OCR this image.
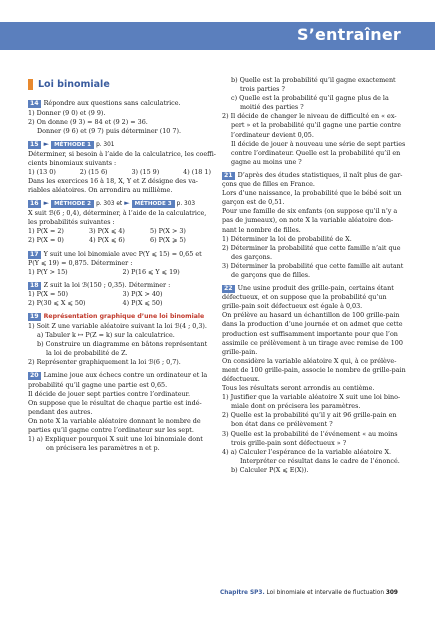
S’entraîner
Loi binomiale
14 Répondre aux questions sans calculatrice.
1) Donner (9 0) et (9 9).
2) On donne (9 3) = 84 et (9 2) = 36.
Donner (9 6) et (9 7) puis déterminer (10 7).
15 ► MÉTHODE 1 p. 301
Déterminer, si besoin à l’aide de la calculatrice, les coeffi-
cients binomiaux suivants :
1) (13 0)	2) (15 6)	3) (15 9)	4) (18 1)
Dans les exercices 16 à 18, X, Y et Z désigne des va-
riables aléatoires. On arrondira au millième.
16 ► MÉTHODE 2 p. 303 et ► MÉTHODE 3 p. 303
X suit ℬ(6 ; 0,4), déterminer, à l’aide de la calculatrice,
les probabilités suivantes :
1) P(X = 2)	3) P(X ⩽ 4)	5) P(X > 3)
2) P(X = 0)	4) P(X ⩽ 6)	6) P(X ⩾ 5)
17 Y suit une loi binomiale avec P(Y ⩽ 15) = 0,65 et
P(Y ⩽ 19) = 0,875. Déterminer :
1) P(Y > 15)	2) P(16 ⩽ Y ⩽ 19)
18 Z suit la loi ℬ(150 ; 0,35). Déterminer :
1) P(X = 50)	3) P(X > 40)
2) P(30 ⩽ X ⩽ 50)	4) P(X ⩽ 50)
19 Représentation graphique d’une loi binomiale
1) Soit Z une variable aléatoire suivant la loi ℬ(4 ; 0,3).
a) Tabuler k ↦ P(Z = k) sur la calculatrice.
b) Construire un diagramme en bâtons représentant
la loi de probabilité de Z.
2) Représenter graphiquement la loi ℬ(6 ; 0,7).
20 Lamine joue aux échecs contre un ordinateur et la
probabilité qu’il gagne une partie est 0,65.
Il décide de jouer sept parties contre l’ordinateur.
On suppose que le résultat de chaque partie est indé-
pendant des autres.
On note X la variable aléatoire donnant le nombre de
parties qu’il gagne contre l’ordinateur sur les sept.
1) a) Expliquer pourquoi X suit une loi binomiale dont
on précisera les paramètres n et p.
b) Quelle est la probabilité qu’il gagne exactement
trois parties ?
c) Quelle est la probabilité qu’il gagne plus de la
moitié des parties ?
2) Il décide de changer le niveau de difficulté en « ex-
pert » et la probabilité qu’il gagne une partie contre
l’ordinateur devient 0,05.
Il décide de jouer à nouveau une série de sept parties
contre l’ordinateur. Quelle est la probabilité qu’il en
gagne au moins une ?
21 D’après des études statistiques, il naît plus de gar-
çons que de filles en France.
Lors d’une naissance, la probabilité que le bébé soit un
garçon est de 0,51.
Pour une famille de six enfants (on suppose qu’il n’y a
pas de jumeaux), on note X la variable aléatoire don-
nant le nombre de filles.
1) Déterminer la loi de probabilité de X.
2) Déterminer la probabilité que cette famille n’ait que
des garçons.
3) Déterminer la probabilité que cette famille ait autant
de garçons que de filles.
22 Une usine produit des grille-pain, certains étant
défectueux, et on suppose que la probabilité qu’un
grille-pain soit défectueux est égale à 0,03.
On prélève au hasard un échantillon de 100 grille-pain
dans la production d’une journée et on admet que cette
production est suffisamment importante pour que l’on
assimile ce prélèvement à un tirage avec remise de 100
grille-pain.
On considère la variable aléatoire X qui, à ce prélève-
ment de 100 grille-pain, associe le nombre de grille-pain
défectueux.
Tous les résultats seront arrondis au centième.
1) Justifier que la variable aléatoire X suit une loi bino-
miale dont on précisera les paramètres.
2) Quelle est la probabilité qu’il y ait 96 grille-pain en
bon état dans ce prélèvement ?
3) Quelle est la probabilité de l’événement « au moins
trois grille-pain sont défectueux » ?
4) a) Calculer l’espérance de la variable aléatoire X.
Interpréter ce résultat dans le cadre de l’énoncé.
b) Calculer P(X ⩽ E(X)).
Chapitre SP3. Loi binomiale et intervalle de fluctuation 309
